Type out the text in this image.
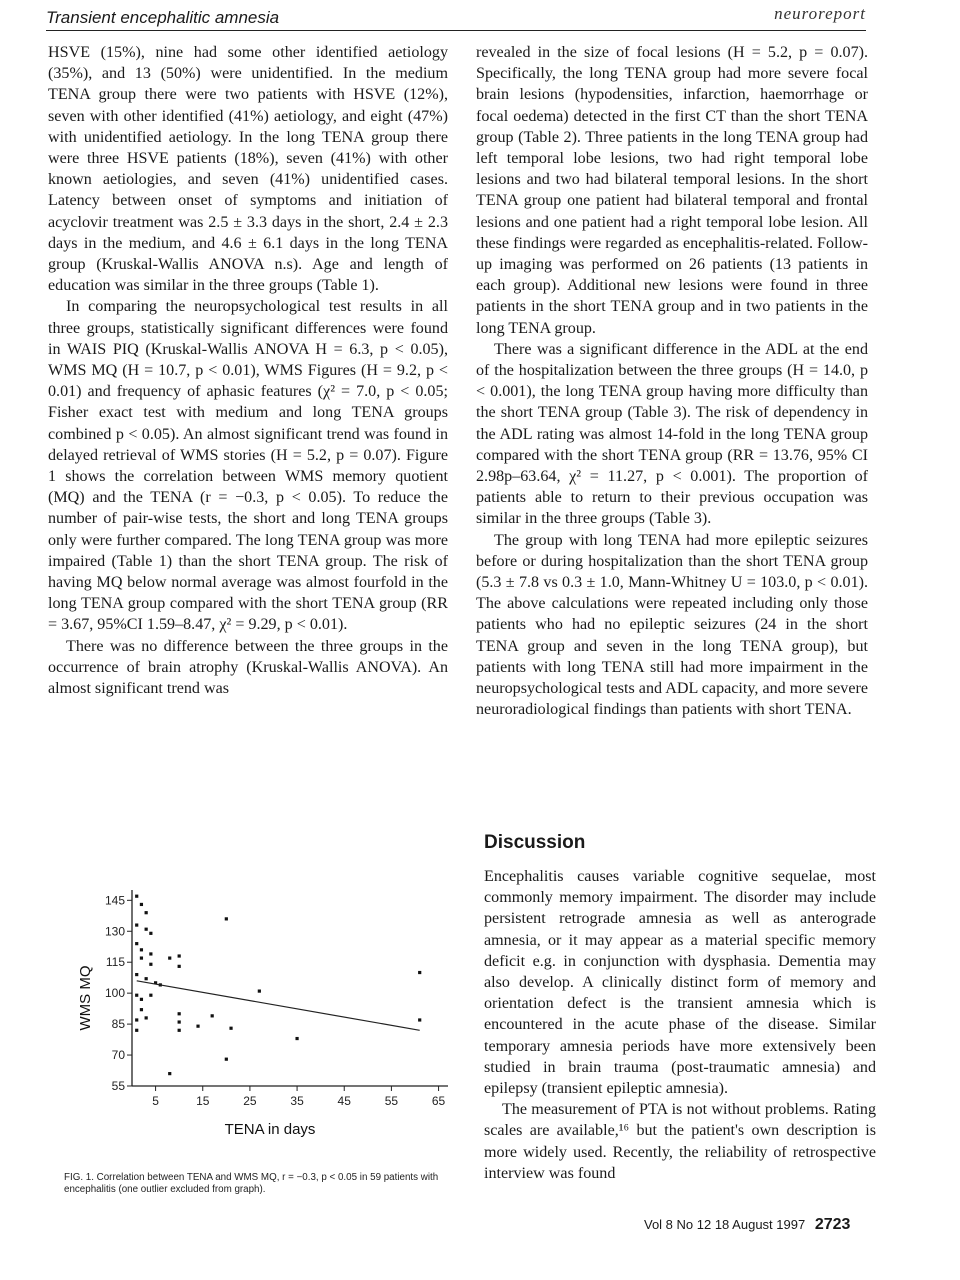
Transient encephalitic amnesia	neuroreport

HSVE (15%), nine had some other identified aetiology (35%), and 13 (50%) were unidentified. In the medium TENA group there were two patients with HSVE (12%), seven with other identified (41%) aetiology, and eight (47%) with unidentified aetiology. In the long TENA group there were three HSVE patients (18%), seven (41%) with other known aetiologies, and seven (41%) unidentified cases. Latency between onset of symptoms and initiation of acyclovir treatment was 2.5 ± 3.3 days in the short, 2.4 ± 2.3 days in the medium, and 4.6 ± 6.1 days in the long TENA group (Kruskal-Wallis ANOVA n.s). Age and length of education was similar in the three groups (Table 1).

In comparing the neuropsychological test results in all three groups, statistically significant differences were found in WAIS PIQ (Kruskal-Wallis ANOVA H = 6.3, p < 0.05), WMS MQ (H = 10.7, p < 0.01), WMS Figures (H = 9.2, p < 0.01) and frequency of aphasic features (χ² = 7.0, p < 0.05; Fisher exact test with medium and long TENA groups combined p < 0.05). An almost significant trend was found in delayed retrieval of WMS stories (H = 5.2, p = 0.07). Figure 1 shows the correlation between WMS memory quotient (MQ) and the TENA (r = −0.3, p < 0.05). To reduce the number of pair-wise tests, the short and long TENA groups only were further compared. The long TENA group was more impaired (Table 1) than the short TENA group. The risk of having MQ below normal average was almost fourfold in the long TENA group compared with the short TENA group (RR = 3.67, 95%CI 1.59–8.47, χ² = 9.29, p < 0.01).

There was no difference between the three groups in the occurrence of brain atrophy (Kruskal-Wallis ANOVA). An almost significant trend was

revealed in the size of focal lesions (H = 5.2, p = 0.07). Specifically, the long TENA group had more severe focal brain lesions (hypodensities, infarction, haemorrhage or focal oedema) detected in the first CT than the short TENA group (Table 2). Three patients in the long TENA group had left temporal lobe lesions, two had right temporal lobe lesions and two had bilateral temporal lesions. In the short TENA group one patient had bilateral temporal and frontal lesions and one patient had a right temporal lobe lesion. All these findings were regarded as encephalitis-related. Follow-up imaging was performed on 26 patients (13 patients in each group). Additional new lesions were found in three patients in the short TENA group and in two patients in the long TENA group.

There was a significant difference in the ADL at the end of the hospitalization between the three groups (H = 14.0, p < 0.001), the long TENA group having more difficulty than the short TENA group (Table 3). The risk of dependency in the ADL rating was almost 14-fold in the long TENA group compared with the short TENA group (RR = 13.76, 95% CI 2.98p–63.64, χ² = 11.27, p < 0.001). The proportion of patients able to return to their previous occupation was similar in the three groups (Table 3).

The group with long TENA had more epileptic seizures before or during hospitalization than the short TENA group (5.3 ± 7.8 vs 0.3 ± 1.0, Mann-Whitney U = 103.0, p < 0.01). The above calculations were repeated including only those patients who had no epileptic seizures (24 in the short TENA group and seven in the long TENA group), but patients with long TENA still had more impairment in the neuropsychological tests and ADL capacity, and more severe neuroradiological findings than patients with short TENA.

Discussion

Encephalitis causes variable cognitive sequelae, most commonly memory impairment. The disorder may include persistent retrograde amnesia as well as anterograde amnesia, or it may appear as a material specific memory deficit e.g. in conjunction with dysphasia. Dementia may also develop. A clinically distinct form of memory and orientation defect is the transient amnesia which is encountered in the acute phase of the disease. Similar temporary amnesia periods have more extensively been studied in brain trauma (post-traumatic amnesia) and epilepsy (transient epileptic amnesia).

The measurement of PTA is not without problems. Rating scales are available,¹⁶ but the patient's own description is more widely used. Recently, the reliability of retrospective interview was found

55
70
85
100
115
130
145
5	15	25	35	45	55	65
TENA in days
WMS MQ
FIG. 1. Correlation between TENA and WMS MQ, r = −0.3, p < 0.05 in 59 patients with encephalitis (one outlier excluded from graph).
Vol 8 No 12 18 August 1997 2723
